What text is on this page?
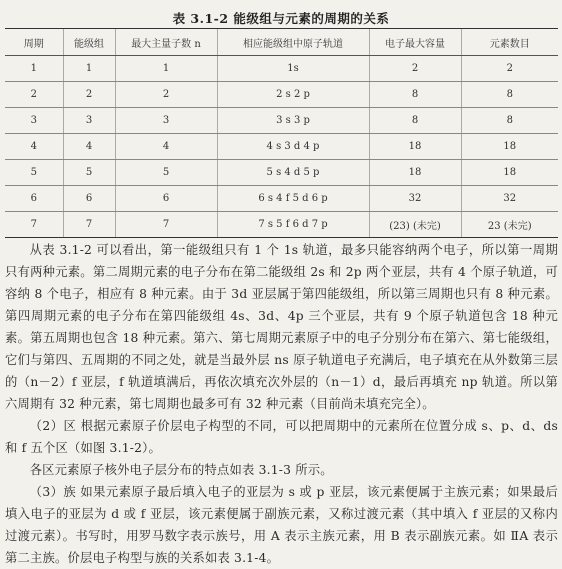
表 3.1-2 能级组与元素的周期的关系
周期	能级组	最大主量子数 n	相应能级组中原子轨道	电子最大容量	元素数目
1	1	1	1s	2	2
2	2	2	2 s 2 p	8	8
3	3	3	3 s 3 p	8	8
4	4	4	4 s 3 d 4 p	18	18
5	5	5	5 s 4 d 5 p	18	18
6	6	6	6 s 4 f 5 d 6 p	32	32
7	7	7	7 s 5 f 6 d 7 p	(23) (未完)	23 (未完)

从表 3.1-2 可以看出，第一能级组只有 1 个 1s 轨道，最多只能容纳两个电子，所以第一周期只有两种元素。第二周期元素的电子分布在第二能级组 2s 和 2p 两个亚层，共有 4 个原子轨道，可容纳 8 个电子，相应有 8 种元素。由于 3d 亚层属于第四能级组，所以第三周期也只有 8 种元素。第四周期元素的电子分布在第四能级组 4s、3d、4p 三个亚层，共有 9 个原子轨道包含 18 种元素。第五周期也包含 18 种元素。第六、第七周期元素原子中的电子分别分布在第六、第七能级组，它们与第四、五周期的不同之处，就是当最外层 ns 原子轨道电子充满后，电子填充在从外数第三层的（n－2）f 亚层，f 轨道填满后，再依次填充次外层的（n－1）d，最后再填充 np 轨道。所以第六周期有 32 种元素，第七周期也最多可有 32 种元素（目前尚未填充完全）。

（2）区 根据元素原子价层电子构型的不同，可以把周期中的元素所在位置分成 s、p、d、ds 和 f 五个区（如图 3.1-2）。

各区元素原子核外电子层分布的特点如表 3.1-3 所示。

（3）族 如果元素原子最后填入电子的亚层为 s 或 p 亚层，该元素便属于主族元素；如果最后填入电子的亚层为 d 或 f 亚层，该元素便属于副族元素，又称过渡元素（其中填入 f 亚层的又称内过渡元素）。书写时，用罗马数字表示族号，用 A 表示主族元素，用 B 表示副族元素。如 ⅡA 表示第二主族。价层电子构型与族的关系如表 3.1-4。
